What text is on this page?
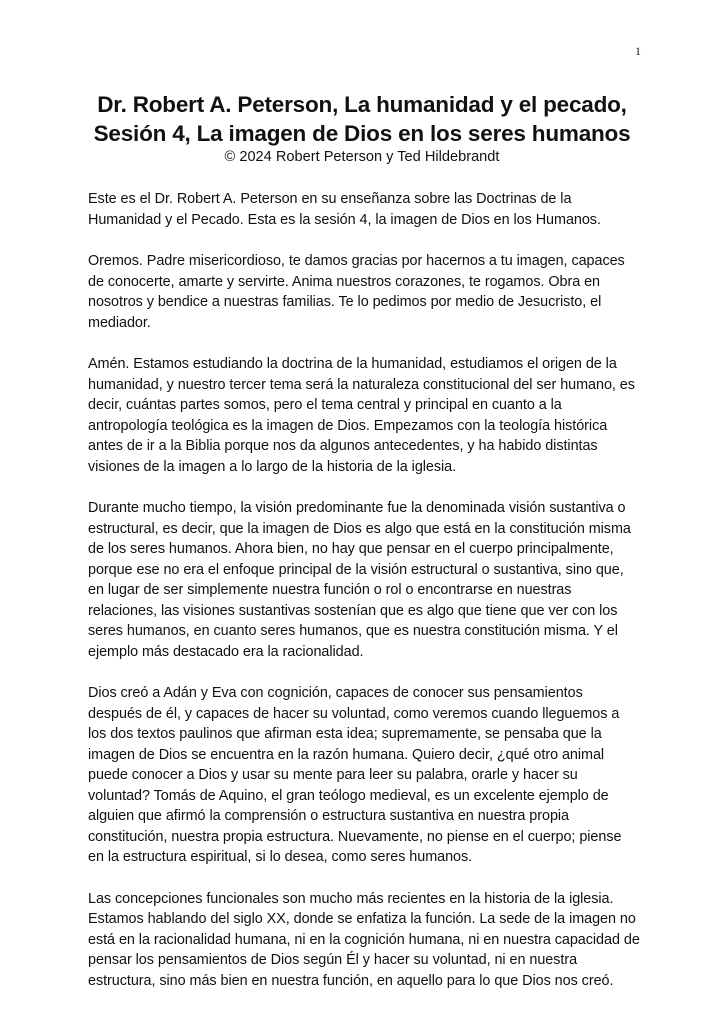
1
Dr. Robert A. Peterson, La humanidad y el pecado,
Sesión 4, La imagen de Dios en los seres humanos

© 2024 Robert Peterson y Ted Hildebrandt

Este es el Dr. Robert A. Peterson en su enseñanza sobre las Doctrinas de la Humanidad y el Pecado. Esta es la sesión 4, la imagen de Dios en los Humanos.

Oremos. Padre misericordioso, te damos gracias por hacernos a tu imagen, capaces de conocerte, amarte y servirte. Anima nuestros corazones, te rogamos. Obra en nosotros y bendice a nuestras familias. Te lo pedimos por medio de Jesucristo, el mediador.

Amén. Estamos estudiando la doctrina de la humanidad, estudiamos el origen de la humanidad, y nuestro tercer tema será la naturaleza constitucional del ser humano, es decir, cuántas partes somos, pero el tema central y principal en cuanto a la antropología teológica es la imagen de Dios. Empezamos con la teología histórica antes de ir a la Biblia porque nos da algunos antecedentes, y ha habido distintas visiones de la imagen a lo largo de la historia de la iglesia.

Durante mucho tiempo, la visión predominante fue la denominada visión sustantiva o estructural, es decir, que la imagen de Dios es algo que está en la constitución misma de los seres humanos. Ahora bien, no hay que pensar en el cuerpo principalmente, porque ese no era el enfoque principal de la visión estructural o sustantiva, sino que, en lugar de ser simplemente nuestra función o rol o encontrarse en nuestras relaciones, las visiones sustantivas sostenían que es algo que tiene que ver con los seres humanos, en cuanto seres humanos, que es nuestra constitución misma. Y el ejemplo más destacado era la racionalidad.

Dios creó a Adán y Eva con cognición, capaces de conocer sus pensamientos después de él, y capaces de hacer su voluntad, como veremos cuando lleguemos a los dos textos paulinos que afirman esta idea; supremamente, se pensaba que la imagen de Dios se encuentra en la razón humana. Quiero decir, ¿qué otro animal puede conocer a Dios y usar su mente para leer su palabra, orarle y hacer su voluntad? Tomás de Aquino, el gran teólogo medieval, es un excelente ejemplo de alguien que afirmó la comprensión o estructura sustantiva en nuestra propia constitución, nuestra propia estructura. Nuevamente, no piense en el cuerpo; piense en la estructura espiritual, si lo desea, como seres humanos.

Las concepciones funcionales son mucho más recientes en la historia de la iglesia. Estamos hablando del siglo XX, donde se enfatiza la función. La sede de la imagen no está en la racionalidad humana, ni en la cognición humana, ni en nuestra capacidad de pensar los pensamientos de Dios según Él y hacer su voluntad, ni en nuestra estructura, sino más bien en nuestra función, en aquello para lo que Dios nos creó.
